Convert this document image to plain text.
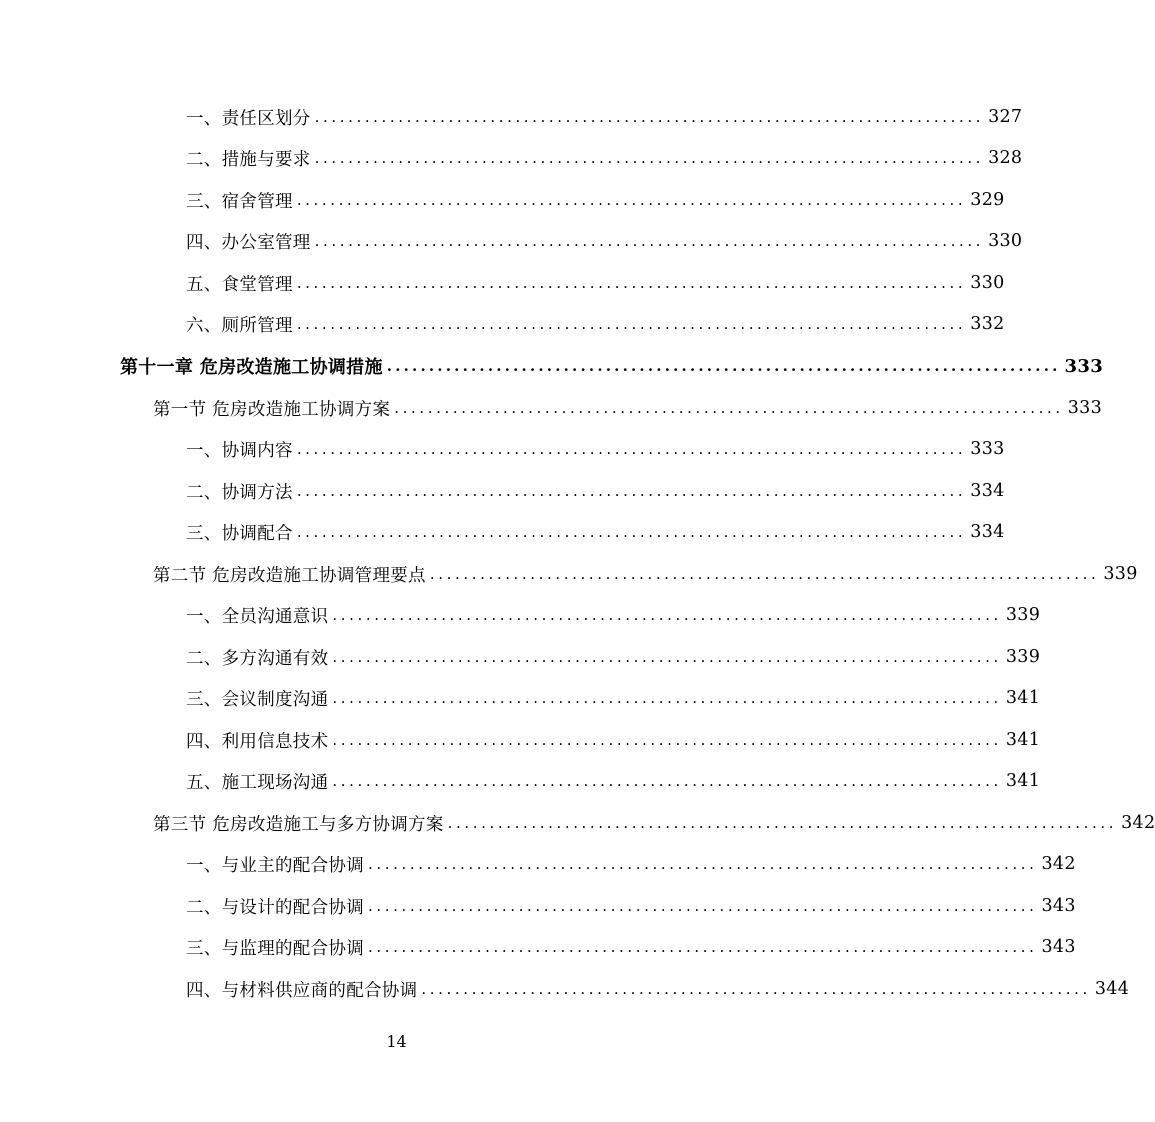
一、责任区划分 ................................................................................ 327
二、措施与要求 ................................................................................ 328
三、宿舍管理 ................................................................................ 329
四、办公室管理 ................................................................................ 330
五、食堂管理 ................................................................................ 330
六、厕所管理 ................................................................................ 332
第十一章 危房改造施工协调措施 ................................................................................ 333
第一节 危房改造施工协调方案 ................................................................................ 333
一、协调内容 ................................................................................ 333
二、协调方法 ................................................................................ 334
三、协调配合 ................................................................................ 334
第二节 危房改造施工协调管理要点 ................................................................................ 339
一、全员沟通意识 ................................................................................ 339
二、多方沟通有效 ................................................................................ 339
三、会议制度沟通 ................................................................................ 341
四、利用信息技术 ................................................................................ 341
五、施工现场沟通 ................................................................................ 341
第三节 危房改造施工与多方协调方案 ................................................................................ 342
一、与业主的配合协调 ................................................................................ 342
二、与设计的配合协调 ................................................................................ 343
三、与监理的配合协调 ................................................................................ 343
四、与材料供应商的配合协调 ................................................................................ 344
14
